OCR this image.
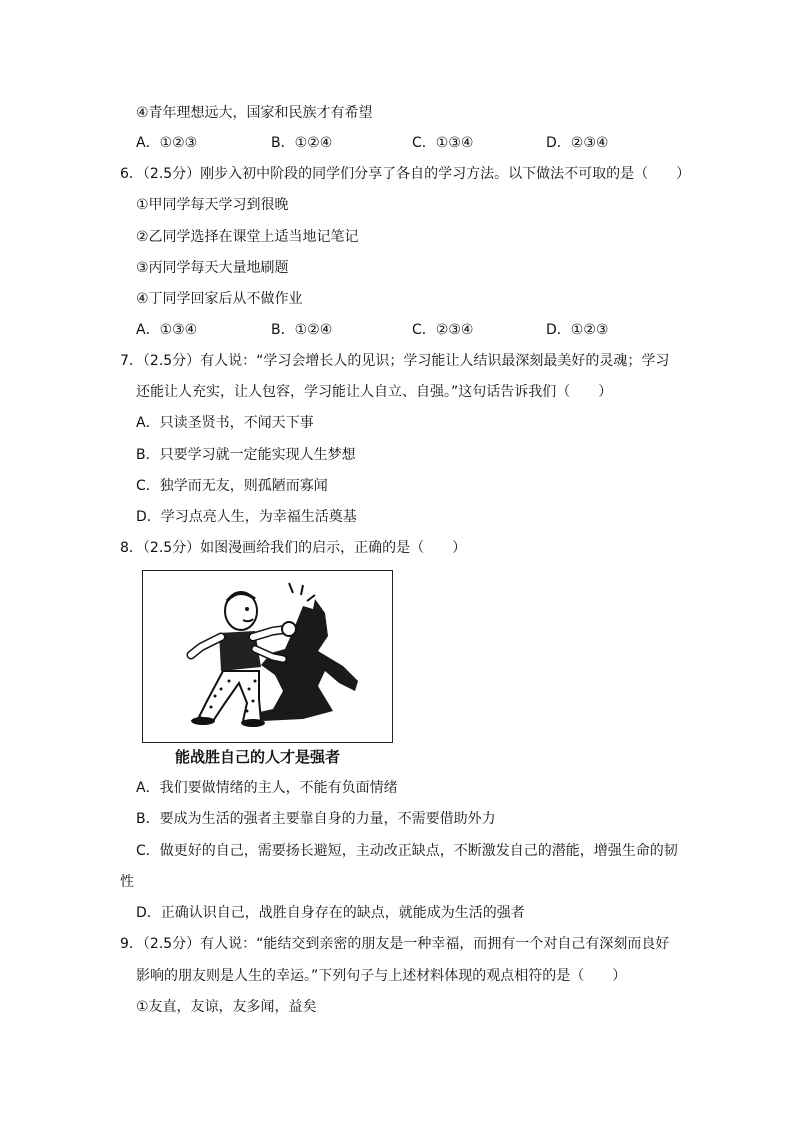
④青年理想远大，国家和民族才有希望
A．①②③	B．①②④	C．①③④	D．②③④
6．（2.5分）刚步入初中阶段的同学们分享了各自的学习方法。以下做法不可取的是（　　）
①甲同学每天学习到很晚
②乙同学选择在课堂上适当地记笔记
③丙同学每天大量地刷题
④丁同学回家后从不做作业
A．①③④	B．①②④	C．②③④	D．①②③
7．（2.5分）有人说：“学习会增长人的见识；学习能让人结识最深刻最美好的灵魂；学习
还能让人充实，让人包容，学习能让人自立、自强。”这句话告诉我们（　　）
A．只读圣贤书，不闻天下事
B．只要学习就一定能实现人生梦想
C．独学而无友，则孤陋而寡闻
D．学习点亮人生，为幸福生活奠基
8．（2.5分）如图漫画给我们的启示，正确的是（　　）
能战胜自己的人才是强者
A．我们要做情绪的主人，不能有负面情绪
B．要成为生活的强者主要靠自身的力量，不需要借助外力
C．做更好的自己，需要扬长避短，主动改正缺点，不断激发自己的潜能，增强生命的韧
性
D．正确认识自己，战胜自身存在的缺点，就能成为生活的强者
9．（2.5分）有人说：“能结交到亲密的朋友是一种幸福，而拥有一个对自己有深刻而良好
影响的朋友则是人生的幸运。”下列句子与上述材料体现的观点相符的是（　　）
①友直，友谅，友多闻，益矣
